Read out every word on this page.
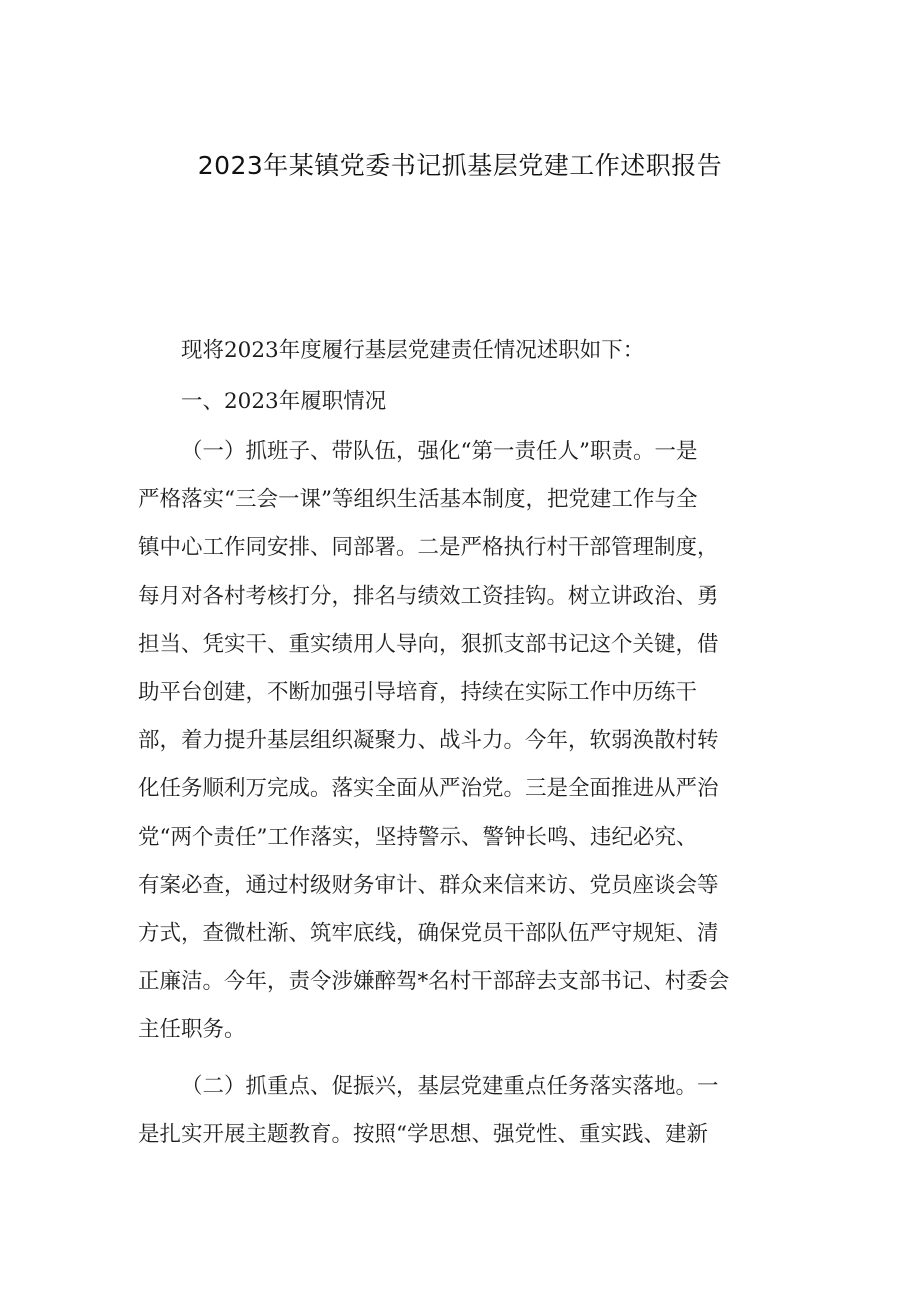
2023年某镇党委书记抓基层党建工作述职报告

现将2023年度履行基层党建责任情况述职如下：

一、2023年履职情况

（一）抓班子、带队伍，强化“第一责任人”职责。一是
严格落实“三会一课”等组织生活基本制度，把党建工作与全
镇中心工作同安排、同部署。二是严格执行村干部管理制度，
每月对各村考核打分，排名与绩效工资挂钩。树立讲政治、勇
担当、凭实干、重实绩用人导向，狠抓支部书记这个关键，借
助平台创建，不断加强引导培育，持续在实际工作中历练干
部，着力提升基层组织凝聚力、战斗力。今年，软弱涣散村转
化任务顺利万完成。落实全面从严治党。三是全面推进从严治
党“两个责任”工作落实，坚持警示、警钟长鸣、违纪必究、
有案必查，通过村级财务审计、群众来信来访、党员座谈会等
方式，查微杜渐、筑牢底线，确保党员干部队伍严守规矩、清
正廉洁。今年，责令涉嫌醉驾*名村干部辞去支部书记、村委会
主任职务。
（二）抓重点、促振兴，基层党建重点任务落实落地。一
是扎实开展主题教育。按照“学思想、强党性、重实践、建新
